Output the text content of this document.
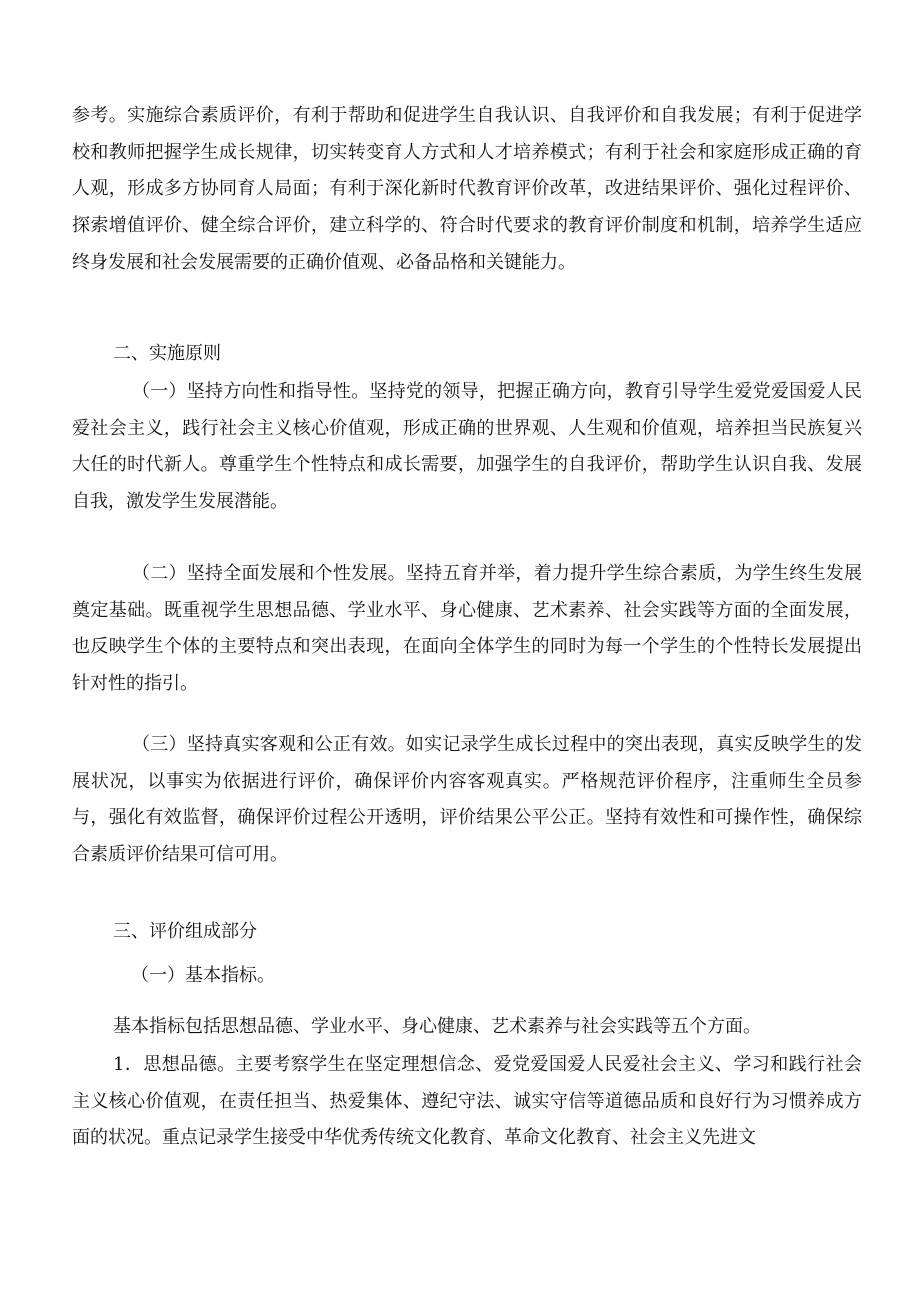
参考。实施综合素质评价，有利于帮助和促进学生自我认识、自我评价和自我发展；有利于促进学校和教师把握学生成长规律，切实转变育人方式和人才培养模式；有利于社会和家庭形成正确的育人观，形成多方协同育人局面；有利于深化新时代教育评价改革，改进结果评价、强化过程评价、探索增值评价、健全综合评价，建立科学的、符合时代要求的教育评价制度和机制，培养学生适应终身发展和社会发展需要的正确价值观、必备品格和关键能力。

二、实施原则

（一）坚持方向性和指导性。坚持党的领导，把握正确方向，教育引导学生爱党爱国爱人民爱社会主义，践行社会主义核心价值观，形成正确的世界观、人生观和价值观，培养担当民族复兴大任的时代新人。尊重学生个性特点和成长需要，加强学生的自我评价，帮助学生认识自我、发展自我，激发学生发展潜能。

（二）坚持全面发展和个性发展。坚持五育并举，着力提升学生综合素质，为学生终生发展奠定基础。既重视学生思想品德、学业水平、身心健康、艺术素养、社会实践等方面的全面发展，也反映学生个体的主要特点和突出表现，在面向全体学生的同时为每一个学生的个性特长发展提出针对性的指引。

（三）坚持真实客观和公正有效。如实记录学生成长过程中的突出表现，真实反映学生的发展状况，以事实为依据进行评价，确保评价内容客观真实。严格规范评价程序，注重师生全员参与，强化有效监督，确保评价过程公开透明，评价结果公平公正。坚持有效性和可操作性，确保综合素质评价结果可信可用。

三、评价组成部分

（一）基本指标。

基本指标包括思想品德、学业水平、身心健康、艺术素养与社会实践等五个方面。

1．思想品德。主要考察学生在坚定理想信念、爱党爱国爱人民爱社会主义、学习和践行社会主义核心价值观，在责任担当、热爱集体、遵纪守法、诚实守信等道德品质和良好行为习惯养成方面的状况。重点记录学生接受中华优秀传统文化教育、革命文化教育、社会主义先进文
